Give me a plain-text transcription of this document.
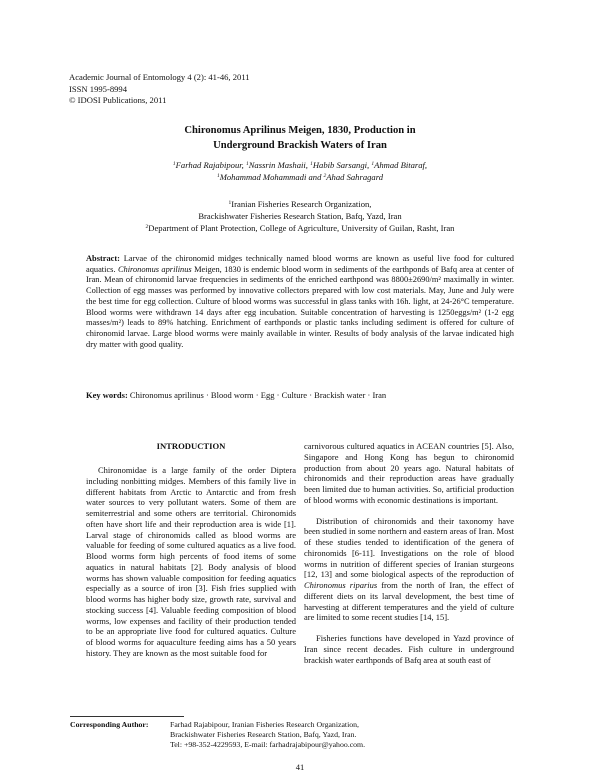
Academic Journal of Entomology 4 (2): 41-46, 2011
ISSN 1995-8994
© IDOSI Publications, 2011
Chironomus Aprilinus Meigen, 1830, Production in
Underground Brackish Waters of Iran
$^1$Farhad Rajabipour, $^1$Nassrin Mashaii, $^1$Habib Sarsangi, $^1$Ahmad Bitaraf,
$^1$Mohammad Mohammadi and $^2$Ahad Sahragard
$^1$Iranian Fisheries Research Organization,
Brackishwater Fisheries Research Station, Bafq, Yazd, Iran
$^2$Department of Plant Protection, College of Agriculture, University of Guilan, Rasht, Iran
Abstract: Larvae of the chironomid midges technically named blood worms are known as useful live food for cultured aquatics. Chironomus aprilinus Meigen, 1830 is endemic blood worm in sediments of the earthponds of Bafq area at center of Iran. Mean of chironomid larvae frequencies in sediments of the enriched earthpond was 8800±2690/m² maximally in winter. Collection of egg masses was performed by innovative collectors prepared with low cost materials. May, June and July were the best time for egg collection. Culture of blood worms was successful in glass tanks with 16h. light, at 24-26°C temperature. Blood worms were withdrawn 14 days after egg incubation. Suitable concentration of harvesting is 1250eggs/m² (1-2 egg masses/m²) leads to 89% hatching. Enrichment of earthponds or plastic tanks including sediment is offered for culture of chironomid larvae. Large blood worms were mainly available in winter. Results of body analysis of the larvae indicated high dry matter with good quality.
Key words: Chironomus aprilinus · Blood worm · Egg · Culture · Brackish water · Iran
INTRODUCTION

Chironomidae is a large family of the order Diptera including nonbitting midges. Members of this family live in different habitats from Arctic to Antarctic and from fresh water sources to very pollutant waters. Some of them are semiterrestrial and some others are territorial. Chironomids often have short life and their reproduction area is wide [1]. Larval stage of chironomids called as blood worms are valuable for feeding of some cultured aquatics as a live food. Blood worms form high percents of food items of some aquatics in natural habitats [2]. Body analysis of blood worms has shown valuable composition for feeding aquatics especially as a source of iron [3]. Fish fries supplied with blood worms has higher body size, growth rate, survival and stocking success [4]. Valuable feeding composition of blood worms, low expenses and facility of their production tended to be an appropriate live food for cultured aquatics. Culture of blood worms for aquaculture feeding aims has a 50 years history. They are known as the most suitable food for

carnivorous cultured aquatics in ACEAN countries [5]. Also, Singapore and Hong Kong has begun to chironomid production from about 20 years ago. Natural habitats of chironomids and their reproduction areas have gradually been limited due to human activities. So, artificial production of blood worms with economic destinations is important.

Distribution of chironomids and their taxonomy have been studied in some northern and eastern areas of Iran. Most of these studies tended to identification of the genera of chironomids [6-11]. Investigations on the role of blood worms in nutrition of different species of Iranian sturgeons [12, 13] and some biological aspects of the reproduction of Chironomus riparius from the north of Iran, the effect of different diets on its larval development, the best time of harvesting at different temperatures and the yield of culture are limited to some recent studies [14, 15].

Fisheries functions have developed in Yazd province of Iran since recent decades. Fish culture in underground brackish water earthponds of Bafq area at south east of

Corresponding Author:	Farhad Rajabipour, Iranian Fisheries Research Organization,
Brackishwater Fisheries Research Station, Bafq, Yazd, Iran.
Tel: +98-352-4229593, E-mail: farhadrajabipour@yahoo.com.
41
